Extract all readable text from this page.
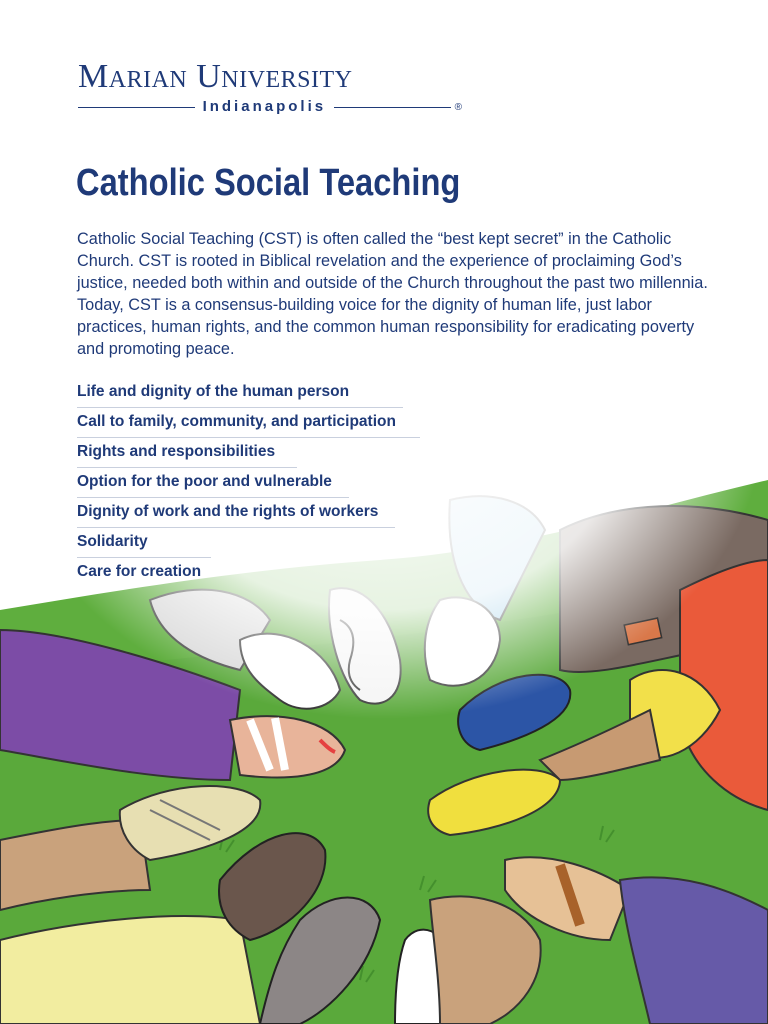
Marian University
Indianapolis	®
Catholic Social Teaching

Catholic Social Teaching (CST) is often called the “best kept secret” in the Catholic Church. CST is rooted in Biblical revelation and the experience of proclaiming God’s justice, needed both within and outside of the Church throughout the past two millennia. Today, CST is a consensus-building voice for the dignity of human life, just labor practices, human rights, and the common human responsibility for eradicating poverty and promoting peace.

Life and dignity of the human person
Call to family, community, and participation
Rights and responsibilities
Option for the poor and vulnerable
Dignity of work and the rights of workers
Solidarity
Care for creation
